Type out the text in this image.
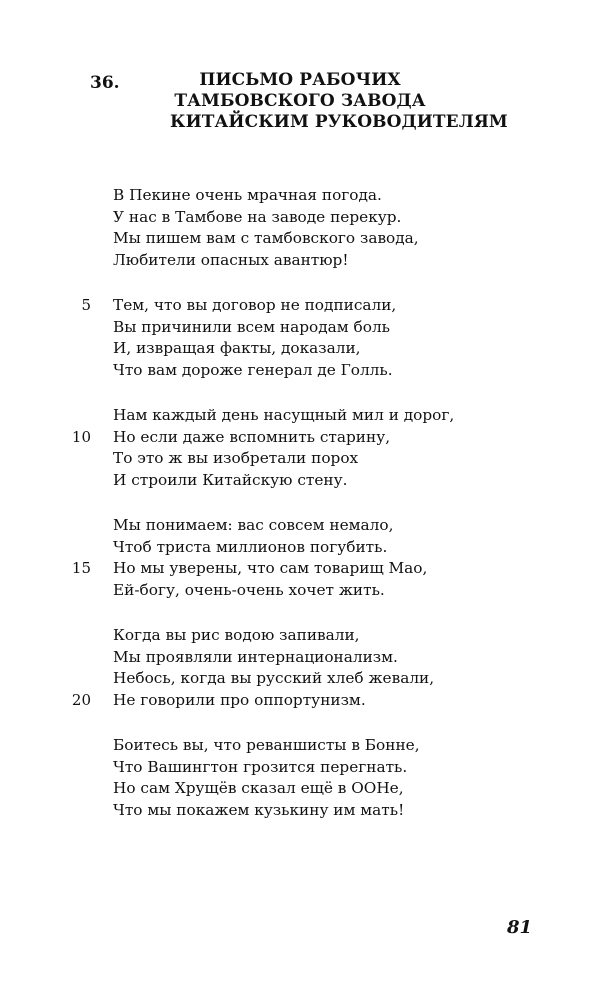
36.	ПИСЬМО РАБОЧИХ
ТАМБОВСКОГО ЗАВОДА
КИТАЙСКИМ РУКОВОДИТЕЛЯМ
В Пекине очень мрачная погода.
У нас в Тамбове на заводе перекур.
Мы пишем вам с тамбовского завода,
Любители опасных авантюр!
5 Тем, что вы договор не подписали,
Вы причинили всем народам боль
И, извращая факты, доказали,
Что вам дороже генерал де Голль.
Нам каждый день насущный мил и дорог,
10 Но если даже вспомнить старину,
То это ж вы изобретали порох
И строили Китайскую стену.
Мы понимаем: вас совсем немало,
Чтоб триста миллионов погубить.
15 Но мы уверены, что сам товарищ Мао,
Ей-богу, очень-очень хочет жить.
Когда вы рис водою запивали,
Мы проявляли интернационализм.
Небось, когда вы русский хлеб жевали,
20 Не говорили про оппортунизм.
Боитесь вы, что реваншисты в Бонне,
Что Вашингтон грозится перегнать.
Но сам Хрущёв сказал ещё в ООНе,
Что мы покажем кузькину им мать!
81
